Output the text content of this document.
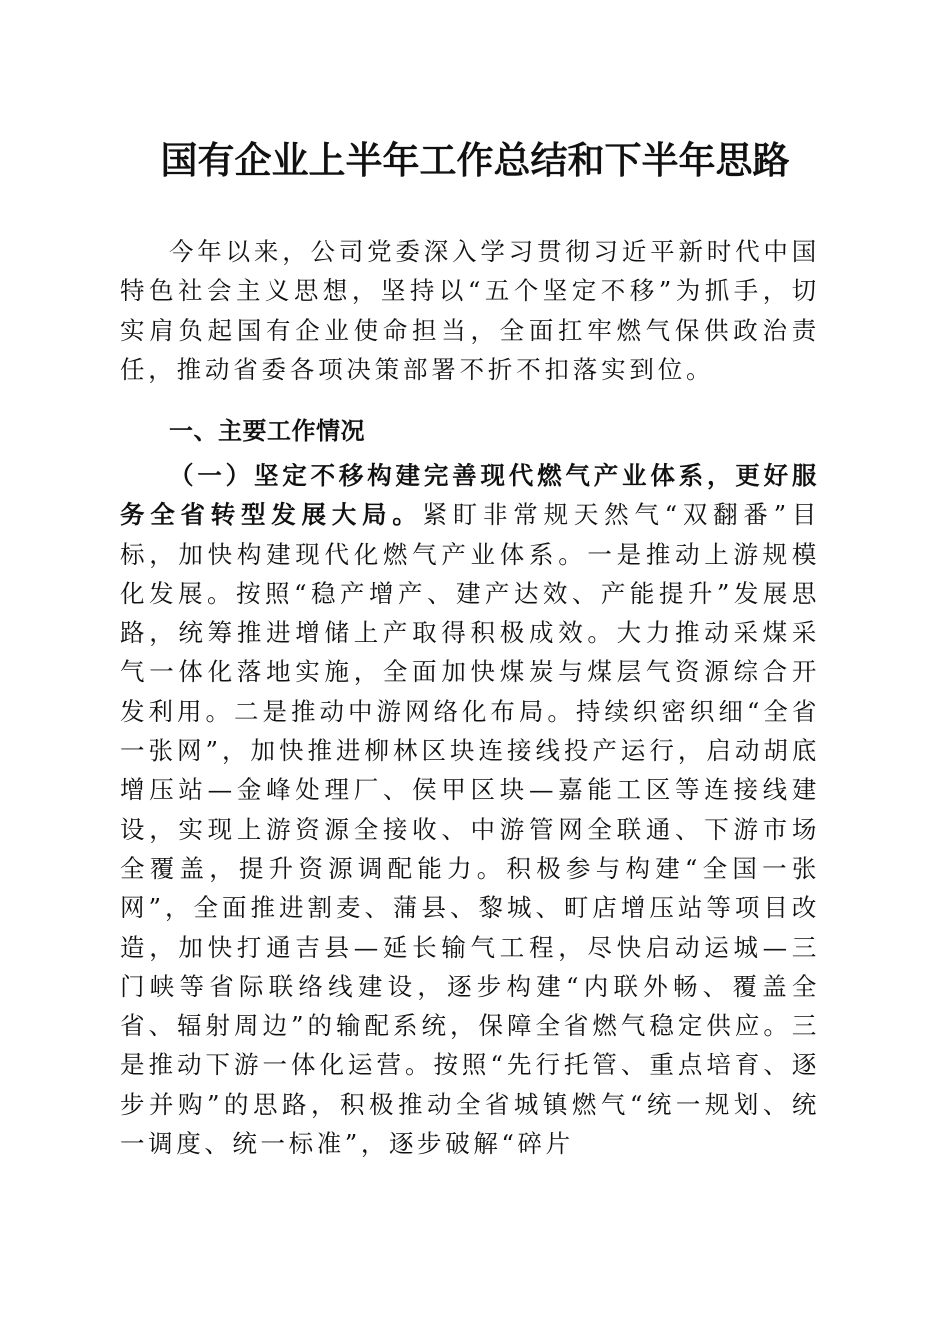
国有企业上半年工作总结和下半年思路
今年以来，公司党委深入学习贯彻习近平新时代中国特色社会主义思想，坚持以“五个坚定不移”为抓手，切实肩负起国有企业使命担当，全面扛牢燃气保供政治责任，推动省委各项决策部署不折不扣落实到位。
一、主要工作情况
（一）坚定不移构建完善现代燃气产业体系，更好服务全省转型发展大局。紧盯非常规天然气“双翻番”目标，加快构建现代化燃气产业体系。一是推动上游规模化发展。按照“稳产增产、建产达效、产能提升”发展思路，统筹推进增储上产取得积极成效。大力推动采煤采气一体化落地实施，全面加快煤炭与煤层气资源综合开发利用。二是推动中游网络化布局。持续织密织细“全省一张网”，加快推进柳林区块连接线投产运行，启动胡底增压站—金峰处理厂、侯甲区块—嘉能工区等连接线建设，实现上游资源全接收、中游管网全联通、下游市场全覆盖，提升资源调配能力。积极参与构建“全国一张网”，全面推进割麦、蒲县、黎城、町店增压站等项目改造，加快打通吉县—延长输气工程，尽快启动运城—三门峡等省际联络线建设，逐步构建“内联外畅、覆盖全省、辐射周边”的输配系统，保障全省燃气稳定供应。三是推动下游一体化运营。按照“先行托管、重点培育、逐步并购”的思路，积极推动全省城镇燃气“统一规划、统一调度、统一标准”，逐步破解“碎片
